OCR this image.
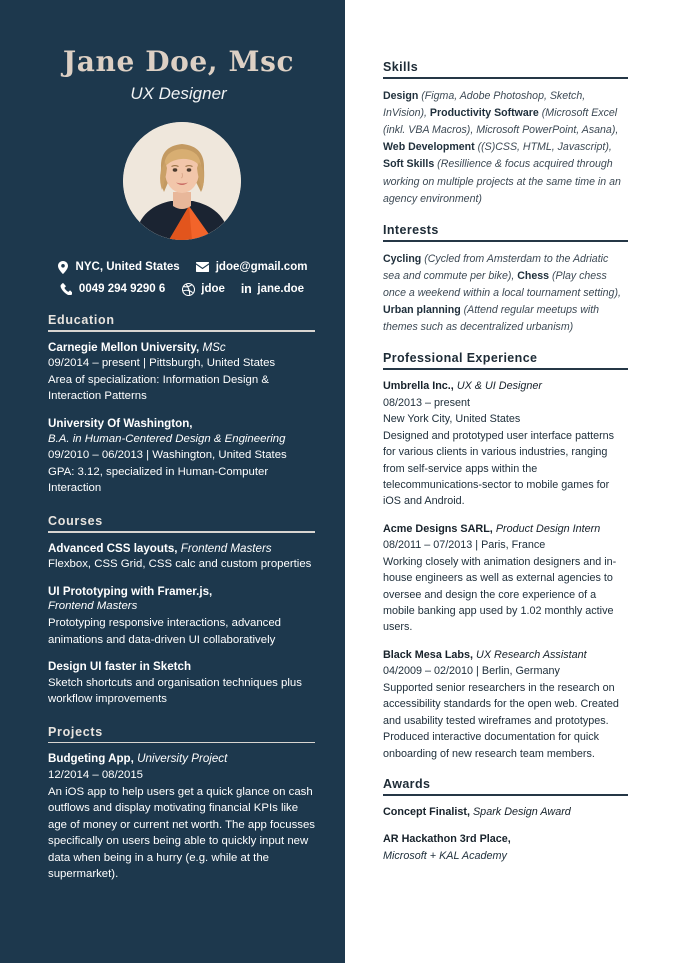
Jane Doe, Msc
UX Designer
NYC, United States	jdoe@gmail.com
0049 294 9290 6	jdoe in jane.doe
Education
Carnegie Mellon University, MSc
09/2014 – present | Pittsburgh, United States
Area of specialization: Information Design & Interaction Patterns
University Of Washington,
B.A. in Human-Centered Design & Engineering
09/2010 – 06/2013 | Washington, United States
GPA: 3.12, specialized in Human-Computer Interaction
Courses
Advanced CSS layouts, Frontend Masters
Flexbox, CSS Grid, CSS calc and custom properties
UI Prototyping with Framer.js,
Frontend Masters
Prototyping responsive interactions, advanced animations and data-driven UI collaboratively
Design UI faster in Sketch
Sketch shortcuts and organisation techniques plus workflow improvements
Projects
Budgeting App, University Project
12/2014 – 08/2015
An iOS app to help users get a quick glance on cash outflows and display motivating financial KPIs like age of money or current net worth. The app focusses specifically on users being able to quickly input new data when being in a hurry (e.g. while at the supermarket).
Skills
Design (Figma, Adobe Photoshop, Sketch, InVision), Productivity Software (Microsoft Excel (inkl. VBA Macros), Microsoft PowerPoint, Asana), Web Development ((S)CSS, HTML, Javascript), Soft Skills (Resillience & focus acquired through working on multiple projects at the same time in an agency environment)
Interests
Cycling (Cycled from Amsterdam to the Adriatic sea and commute per bike), Chess (Play chess once a weekend within a local tournament setting), Urban planning (Attend regular meetups with themes such as decentralized urbanism)
Professional Experience
Umbrella Inc., UX & UI Designer
08/2013 – present
New York City, United States
Designed and prototyped user interface patterns for various clients in various industries, ranging from self-service apps within the telecommunications-sector to mobile games for iOS and Android.
Acme Designs SARL, Product Design Intern
08/2011 – 07/2013 | Paris, France
Working closely with animation designers and in-house engineers as well as external agencies to oversee and design the core experience of a mobile banking app used by 1.02 monthly active users.
Black Mesa Labs, UX Research Assistant
04/2009 – 02/2010 | Berlin, Germany
Supported senior researchers in the research on accessibility standards for the open web. Created and usability tested wireframes and prototypes. Produced interactive documentation for quick onboarding of new research team members.
Awards
Concept Finalist, Spark Design Award
AR Hackathon 3rd Place,
Microsoft + KAL Academy
